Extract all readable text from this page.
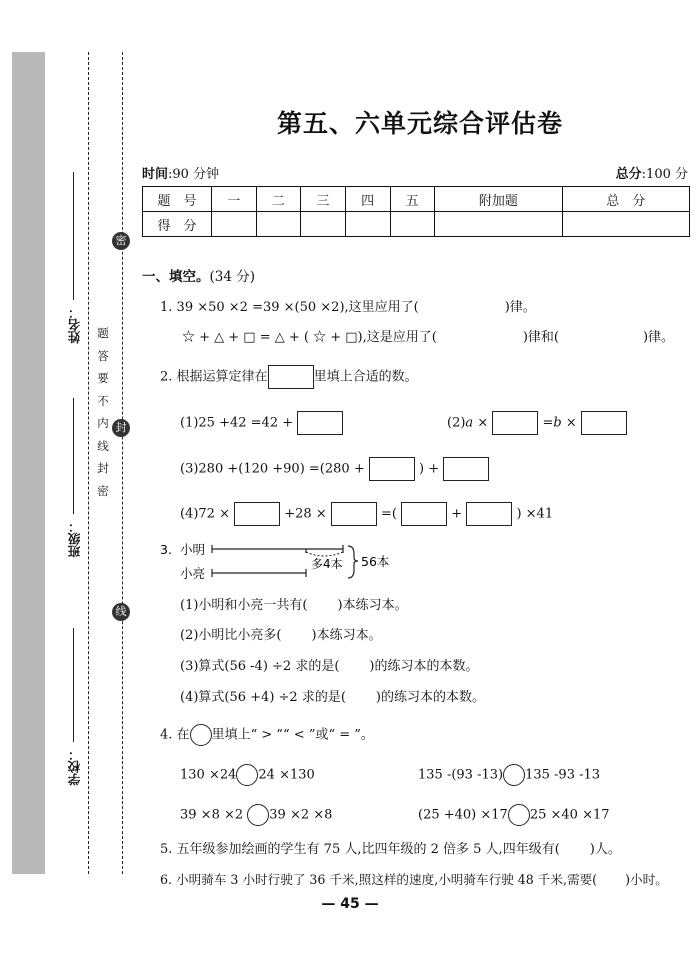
密
封
线
题
答
要
不
内
线
封
密
姓名：
班级：
学校：
第五、六单元综合评估卷
时间:90 分钟	总分:100 分
题　号	一	二	三	四	五	附加题	总　分
得　分							
一、填空。(34 分)
1. 39 ×50 ×2 =39 ×(50 ×2),这里应用了(	)律。
☆ + △ + □ = △ + ( ☆ + □),这是应用了(	)律和(	)律。
2. 根据运算定律在	里填上合适的数。
(1)25 +42 =42 +	(2)a ×	=b ×
(3)280 +(120 +90) =(280 +	) +
(4)72 ×	+28 ×	=(	+	) ×41
3. 小明
小亮
多4本 56本
(1)小明和小亮一共有( )本练习本。
(2)小明比小亮多( )本练习本。
(3)算式(56 -4) ÷2 求的是( )的练习本的本数。
(4)算式(56 +4) ÷2 求的是( )的练习本的本数。
4. 在 里填上“ > ”“ < ”或“ = ”。
130 ×24 24 ×130	135 -(93 -13) 135 -93 -13
39 ×8 ×2 39 ×2 ×8	(25 +40) ×17 25 ×40 ×17
5. 五年级参加绘画的学生有 75 人,比四年级的 2 倍多 5 人,四年级有( )人。
6. 小明骑车 3 小时行驶了 36 千米,照这样的速度,小明骑车行驶 48 千米,需要( )小时。
— 45 —
